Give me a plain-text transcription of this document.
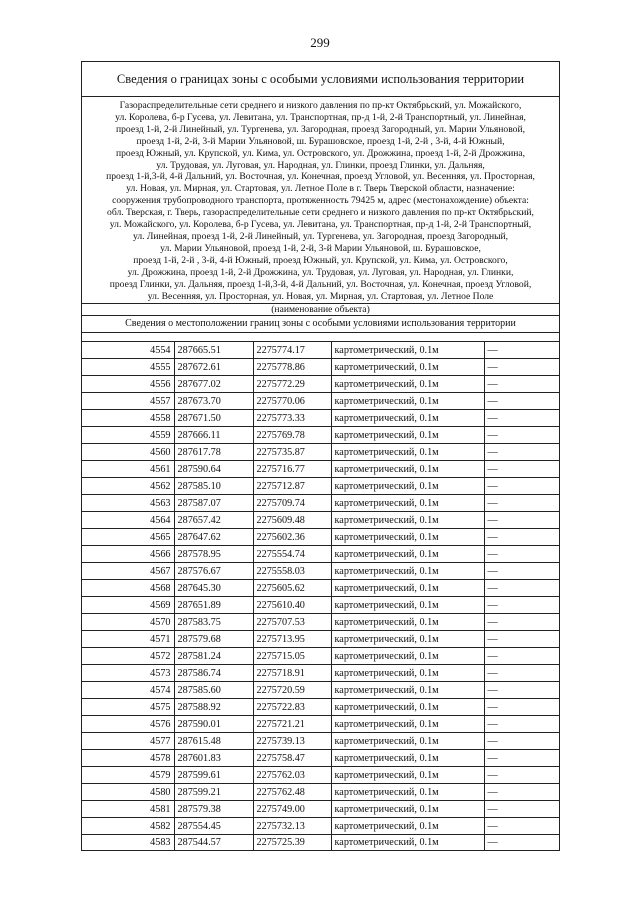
299
Сведения о границах зоны с особыми условиями использования территории
Газораспределительные сети среднего и низкого давления по пр-кт Октябрьский, ул. Можайского,
ул. Королева, б-р Гусева, ул. Левитана, ул. Транспортная, пр-д 1-й, 2-й Транспортный, ул. Линейная,
проезд 1-й, 2-й Линейный, ул. Тургенева, ул. Загородная, проезд Загородный, ул. Марии Ульяновой,
проезд 1-й, 2-й, 3-й Марии Ульяновой, ш. Бурашовское, проезд 1-й, 2-й , 3-й, 4-й Южный,
проезд Южный, ул. Крупской, ул. Кима, ул. Островского, ул. Дрожжина, проезд 1-й, 2-й Дрожжина,
ул. Трудовая, ул. Луговая, ул. Народная, ул. Глинки, проезд Глинки, ул. Дальняя,
проезд 1-й,3-й, 4-й Дальний, ул. Восточная, ул. Конечная, проезд Угловой, ул. Весенняя, ул. Просторная,
ул. Новая, ул. Мирная, ул. Стартовая, ул. Летное Поле в г. Тверь Тверской области, назначение:
сооружения трубопроводного транспорта, протяженность 79425 м, адрес (местонахождение) объекта:
обл. Тверская, г. Тверь, газораспределительные сети среднего и низкого давления по пр-кт Октябрьский,
ул. Можайского, ул. Королева, б-р Гусева, ул. Левитана, ул. Транспортная, пр-д 1-й, 2-й Транспортный,
ул. Линейная, проезд 1-й, 2-й Линейный, ул. Тургенева, ул. Загородная, проезд Загородный,
ул. Марии Ульяновой, проезд 1-й, 2-й, 3-й Марии Ульяновой, ш. Бурашовское,
проезд 1-й, 2-й , 3-й, 4-й Южный, проезд Южный, ул. Крупской, ул. Кима, ул. Островского,
ул. Дрожжина, проезд 1-й, 2-й Дрожжина, ул. Трудовая, ул. Луговая, ул. Народная, ул. Глинки,
проезд Глинки, ул. Дальняя, проезд 1-й,3-й, 4-й Дальний, ул. Восточная, ул. Конечная, проезд Угловой,
ул. Весенняя, ул. Просторная, ул. Новая, ул. Мирная, ул. Стартовая, ул. Летное Поле
(наименование объекта)
Сведения о местоположении границ зоны с особыми условиями использования территории
4554	287665.51	2275774.17	картометрический, 0.1м	—
4555	287672.61	2275778.86	картометрический, 0.1м	—
4556	287677.02	2275772.29	картометрический, 0.1м	—
4557	287673.70	2275770.06	картометрический, 0.1м	—
4558	287671.50	2275773.33	картометрический, 0.1м	—
4559	287666.11	2275769.78	картометрический, 0.1м	—
4560	287617.78	2275735.87	картометрический, 0.1м	—
4561	287590.64	2275716.77	картометрический, 0.1м	—
4562	287585.10	2275712.87	картометрический, 0.1м	—
4563	287587.07	2275709.74	картометрический, 0.1м	—
4564	287657.42	2275609.48	картометрический, 0.1м	—
4565	287647.62	2275602.36	картометрический, 0.1м	—
4566	287578.95	2275554.74	картометрический, 0.1м	—
4567	287576.67	2275558.03	картометрический, 0.1м	—
4568	287645.30	2275605.62	картометрический, 0.1м	—
4569	287651.89	2275610.40	картометрический, 0.1м	—
4570	287583.75	2275707.53	картометрический, 0.1м	—
4571	287579.68	2275713.95	картометрический, 0.1м	—
4572	287581.24	2275715.05	картометрический, 0.1м	—
4573	287586.74	2275718.91	картометрический, 0.1м	—
4574	287585.60	2275720.59	картометрический, 0.1м	—
4575	287588.92	2275722.83	картометрический, 0.1м	—
4576	287590.01	2275721.21	картометрический, 0.1м	—
4577	287615.48	2275739.13	картометрический, 0.1м	—
4578	287601.83	2275758.47	картометрический, 0.1м	—
4579	287599.61	2275762.03	картометрический, 0.1м	—
4580	287599.21	2275762.48	картометрический, 0.1м	—
4581	287579.38	2275749.00	картометрический, 0.1м	—
4582	287554.45	2275732.13	картометрический, 0.1м	—
4583	287544.57	2275725.39	картометрический, 0.1м	—
